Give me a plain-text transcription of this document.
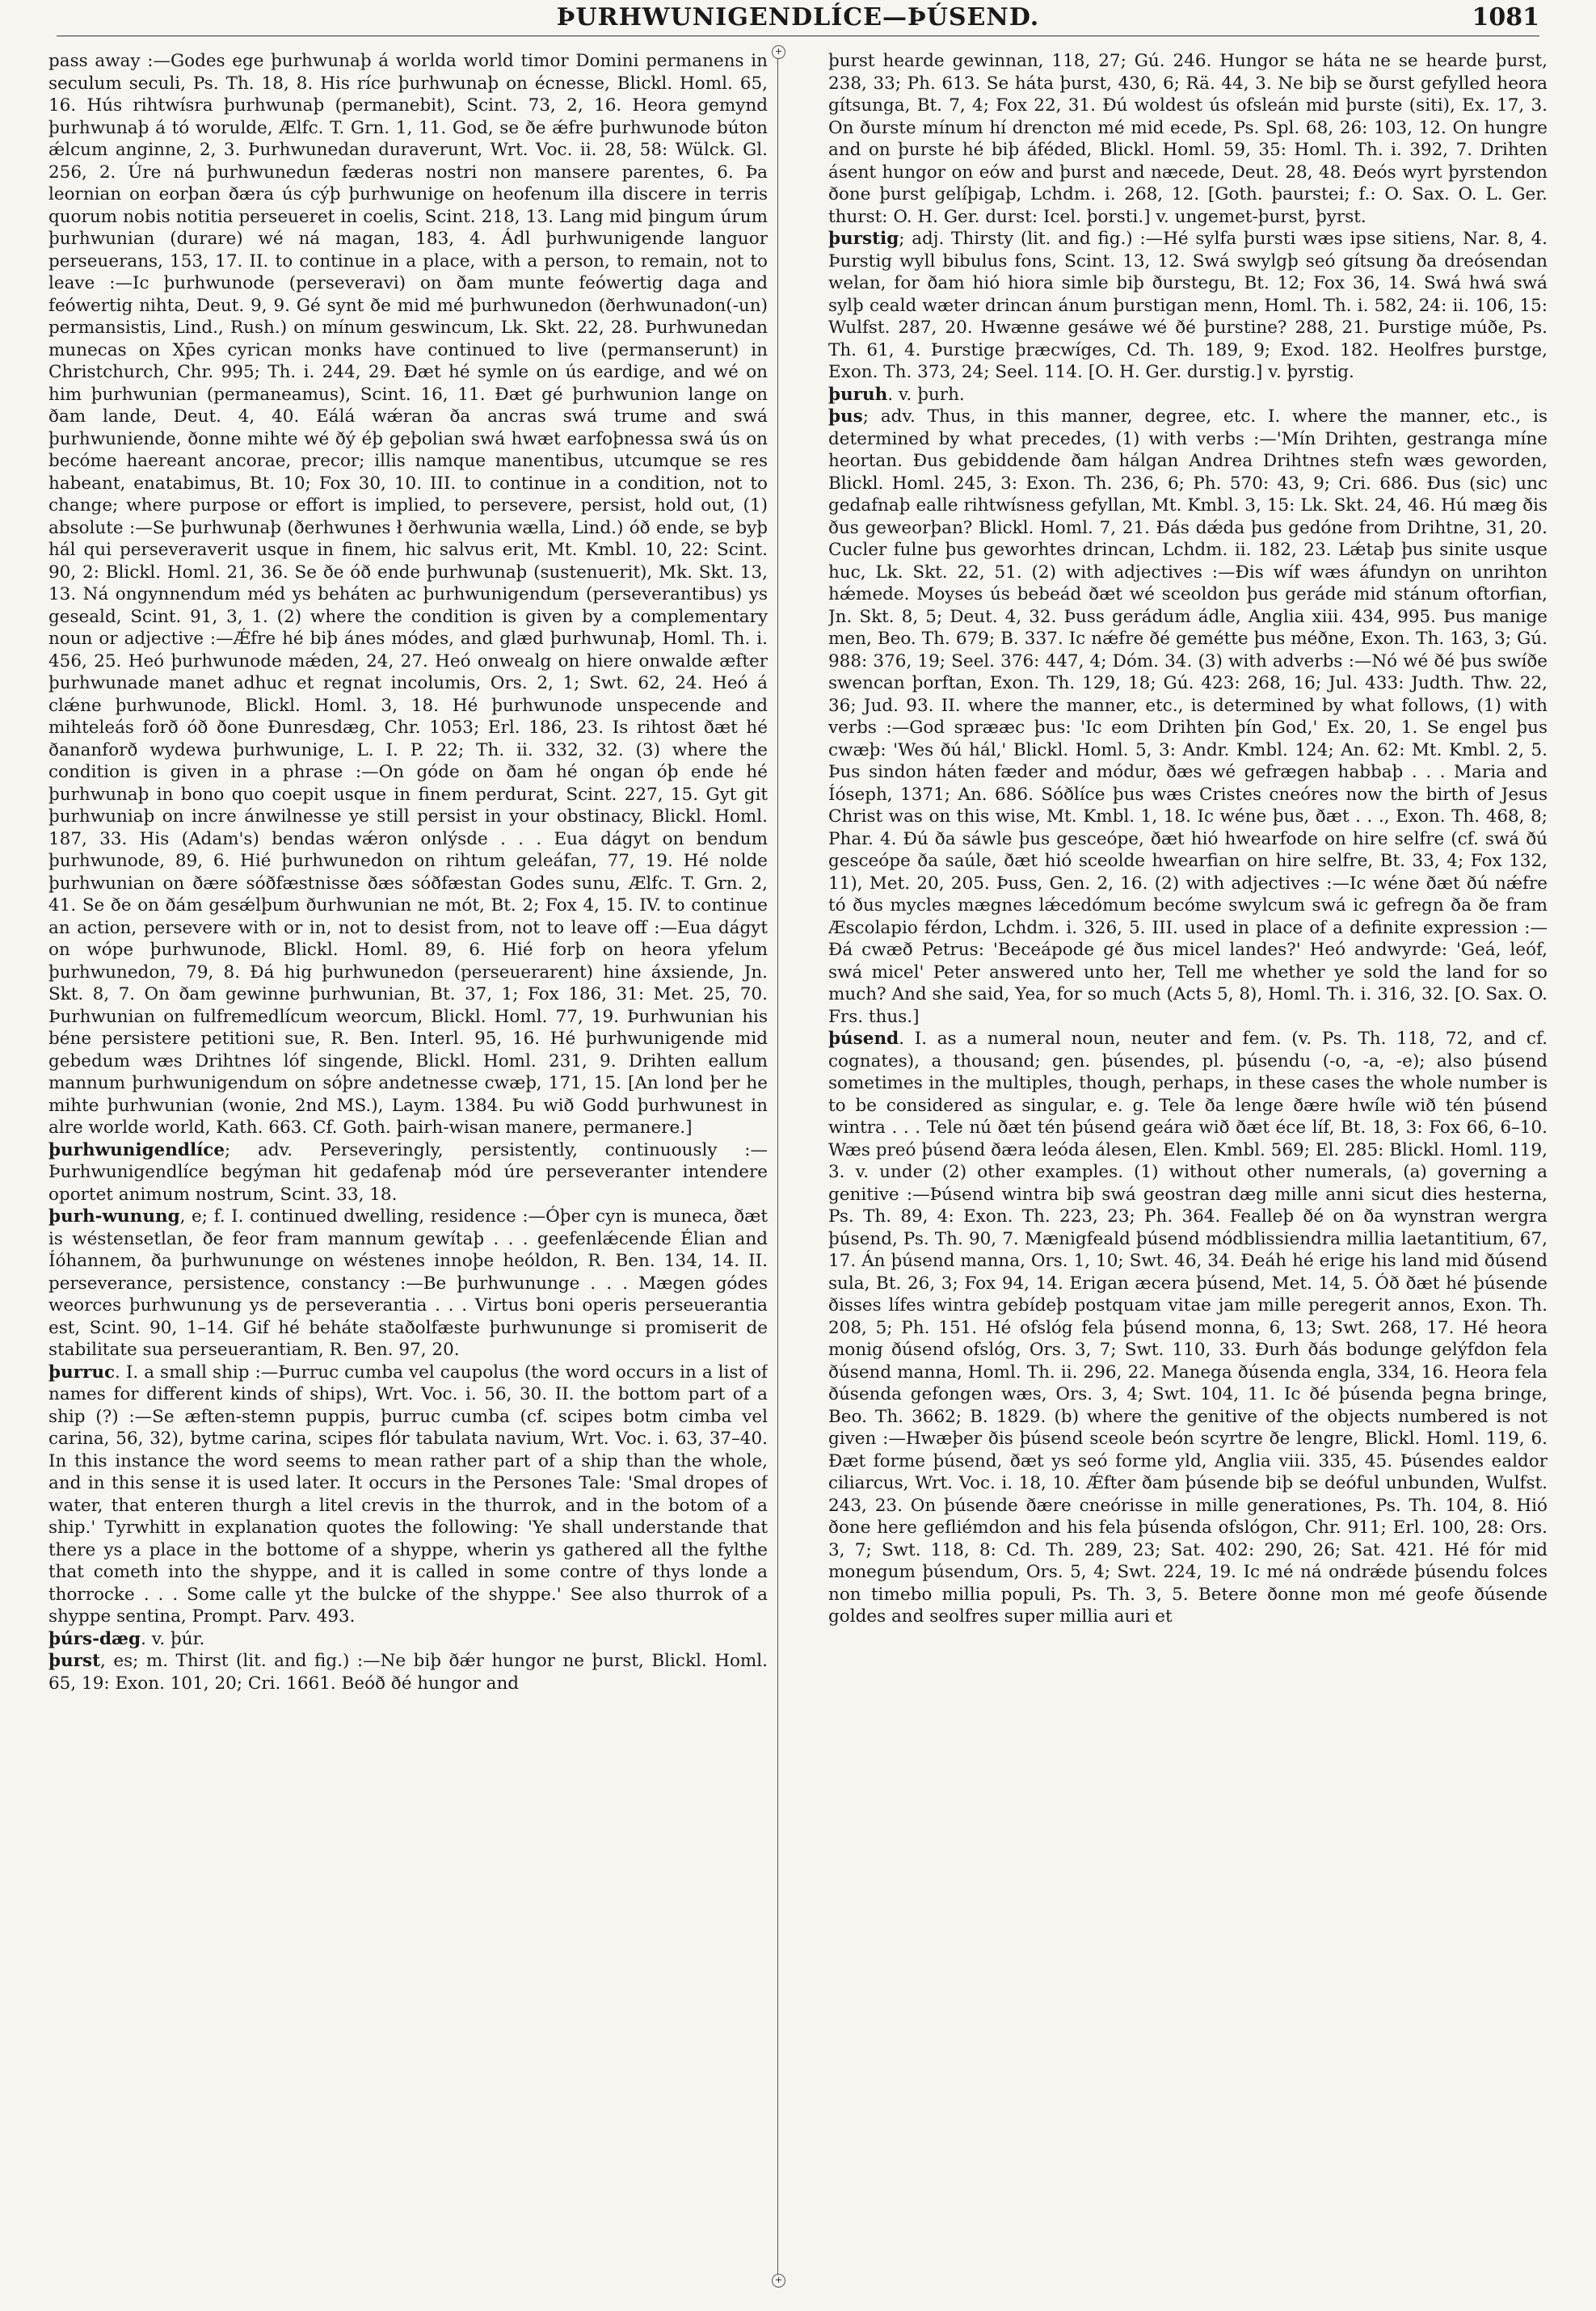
ÞURHWUNIGENDLÍCE—ÞÚSEND.	1081
+
+

pass away :—Godes ege þurhwunaþ á worlda world timor Domini permanens in seculum seculi, Ps. Th. 18, 8. His ríce þurhwunaþ on écnesse, Blickl. Homl. 65, 16. Hús rihtwísra þurhwunaþ (permanebit), Scint. 73, 2, 16. Heora gemynd þurhwunaþ á tó worulde, Ælfc. T. Grn. 1, 11. God, se ðe ǽfre þurhwunode búton ǽlcum anginne, 2, 3. Þurhwunedan duraverunt, Wrt. Voc. ii. 28, 58: Wülck. Gl. 256, 2. Úre ná þurhwunedun fæderas nostri non mansere parentes, 6. Þa leornian on eorþan ðæra ús cýþ þurhwunige on heofenum illa discere in terris quorum nobis notitia perseueret in coelis, Scint. 218, 13. Lang mid þingum úrum þurhwunian (durare) wé ná magan, 183, 4. Ádl þurhwunigende languor perseuerans, 153, 17. II. to continue in a place, with a person, to remain, not to leave :—Ic þurhwunode (perseveravi) on ðam munte feówertig daga and feówertig nihta, Deut. 9, 9. Gé synt ðe mid mé þurhwunedon (ðerhwunadon(-un) permansistis, Lind., Rush.) on mínum geswincum, Lk. Skt. 22, 28. Þurhwunedan munecas on Xp̄es cyrican monks have continued to live (permanserunt) in Christchurch, Chr. 995; Th. i. 244, 29. Ðæt hé symle on ús eardige, and wé on him þurhwunian (permaneamus), Scint. 16, 11. Ðæt gé þurhwunion lange on ðam lande, Deut. 4, 40. Eálá wǽran ða ancras swá trume and swá þurhwuniende, ðonne mihte wé ðý éþ geþolian swá hwæt earfoþnessa swá ús on becóme haereant ancorae, precor; illis namque manentibus, utcumque se res habeant, enatabimus, Bt. 10; Fox 30, 10. III. to continue in a condition, not to change; where purpose or effort is implied, to persevere, persist, hold out, (1) absolute :—Se þurhwunaþ (ðerhwunes ł ðerhwunia wælla, Lind.) óð ende, se byþ hál qui perseveraverit usque in finem, hic salvus erit, Mt. Kmbl. 10, 22: Scint. 90, 2: Blickl. Homl. 21, 36. Se ðe óð ende þurhwunaþ (sustenuerit), Mk. Skt. 13, 13. Ná ongynnendum méd ys beháten ac þurhwunigendum (perseverantibus) ys geseald, Scint. 91, 3, 1. (2) where the condition is given by a complementary noun or adjective :—Ǽfre hé biþ ánes módes, and glæd þurhwunaþ, Homl. Th. i. 456, 25. Heó þurhwunode mǽden, 24, 27. Heó onwealg on hiere onwalde æfter þurhwunade manet adhuc et regnat incolumis, Ors. 2, 1; Swt. 62, 24. Heó á clǽne þurhwunode, Blickl. Homl. 3, 18. Hé þurhwunode unspecende and mihteleás forð óð ðone Ðunresdæg, Chr. 1053; Erl. 186, 23. Is rihtost ðæt hé ðananforð wydewa þurhwunige, L. I. P. 22; Th. ii. 332, 32. (3) where the condition is given in a phrase :—On góde on ðam hé ongan óþ ende hé þurhwunaþ in bono quo coepit usque in finem perdurat, Scint. 227, 15. Gyt git þurhwuniaþ on incre ánwilnesse ye still persist in your obstinacy, Blickl. Homl. 187, 33. His (Adam's) bendas wǽron onlýsde . . . Eua dágyt on bendum þurhwunode, 89, 6. Hié þurhwunedon on rihtum geleáfan, 77, 19. Hé nolde þurhwunian on ðære sóðfæstnisse ðæs sóðfæstan Godes sunu, Ælfc. T. Grn. 2, 41. Se ðe on ðám gesǽlþum ðurhwunian ne mót, Bt. 2; Fox 4, 15. IV. to continue an action, persevere with or in, not to desist from, not to leave off :—Eua dágyt on wópe þurhwunode, Blickl. Homl. 89, 6. Hié forþ on heora yfelum þurhwunedon, 79, 8. Ðá hig þurhwunedon (perseuerarent) hine áxsiende, Jn. Skt. 8, 7. On ðam gewinne þurhwunian, Bt. 37, 1; Fox 186, 31: Met. 25, 70. Þurhwunian on fulfremedlícum weorcum, Blickl. Homl. 77, 19. Þurhwunian his béne persistere petitioni sue, R. Ben. Interl. 95, 16. Hé þurhwunigende mid gebedum wæs Drihtnes lóf singende, Blickl. Homl. 231, 9. Drihten eallum mannum þurhwunigendum on sóþre andetnesse cwæþ, 171, 15. [An lond þer he mihte þurhwunian (wonie, 2nd MS.), Laym. 1384. Þu wið Godd þurhwunest in alre worlde world, Kath. 663. Cf. Goth. þairh-wisan manere, permanere.]

þurhwunigendlíce; adv. Perseveringly, persistently, continuously :—Þurhwunigendlíce begýman hit gedafenaþ mód úre perseveranter intendere oportet animum nostrum, Scint. 33, 18.

þurh-wunung, e; f. I. continued dwelling, residence :—Óþer cyn is muneca, ðæt is wéstensetlan, ðe feor fram mannum gewítaþ . . . geefenlǽcende Élian and Íóhannem, ða þurhwununge on wéstenes innoþe heóldon, R. Ben. 134, 14. II. perseverance, persistence, constancy :—Be þurhwununge . . . Mægen gódes weorces þurhwunung ys de perseverantia . . . Virtus boni operis perseuerantia est, Scint. 90, 1–14. Gif hé beháte staðolfæste þurhwununge si promiserit de stabilitate sua perseuerantiam, R. Ben. 97, 20.

þurruc. I. a small ship :—Þurruc cumba vel caupolus (the word occurs in a list of names for different kinds of ships), Wrt. Voc. i. 56, 30. II. the bottom part of a ship (?) :—Se æften-stemn puppis, þurruc cumba (cf. scipes botm cimba vel carina, 56, 32), bytme carina, scipes flór tabulata navium, Wrt. Voc. i. 63, 37–40. In this instance the word seems to mean rather part of a ship than the whole, and in this sense it is used later. It occurs in the Persones Tale: 'Smal dropes of water, that enteren thurgh a litel crevis in the thurrok, and in the botom of a ship.' Tyrwhitt in explanation quotes the following: 'Ye shall understande that there ys a place in the bottome of a shyppe, wherin ys gathered all the fylthe that cometh into the shyppe, and it is called in some contre of thys londe a thorrocke . . . Some calle yt the bulcke of the shyppe.' See also thurrok of a shyppe sentina, Prompt. Parv. 493.

þúrs-dæg. v. þúr.

þurst, es; m. Thirst (lit. and fig.) :—Ne biþ ðǽr hungor ne þurst, Blickl. Homl. 65, 19: Exon. 101, 20; Cri. 1661. Beóð ðé hungor and

þurst hearde gewinnan, 118, 27; Gú. 246. Hungor se háta ne se hearde þurst, 238, 33; Ph. 613. Se háta þurst, 430, 6; Rä. 44, 3. Ne biþ se ðurst gefylled heora gítsunga, Bt. 7, 4; Fox 22, 31. Ðú woldest ús ofsleán mid þurste (siti), Ex. 17, 3. On ðurste mínum hí drencton mé mid ecede, Ps. Spl. 68, 26: 103, 12. On hungre and on þurste hé biþ áféded, Blickl. Homl. 59, 35: Homl. Th. i. 392, 7. Drihten ásent hungor on eów and þurst and næcede, Deut. 28, 48. Ðeós wyrt þyrstendon ðone þurst gelíþigaþ, Lchdm. i. 268, 12. [Goth. þaurstei; f.: O. Sax. O. L. Ger. thurst: O. H. Ger. durst: Icel. þorsti.] v. ungemet-þurst, þyrst.

þurstig; adj. Thirsty (lit. and fig.) :—Hé sylfa þursti wæs ipse sitiens, Nar. 8, 4. Þurstig wyll bibulus fons, Scint. 13, 12. Swá swylgþ seó gítsung ða dreósendan welan, for ðam hió hiora simle biþ ðurstegu, Bt. 12; Fox 36, 14. Swá hwá swá sylþ ceald wæter drincan ánum þurstigan menn, Homl. Th. i. 582, 24: ii. 106, 15: Wulfst. 287, 20. Hwænne gesáwe wé ðé þurstine? 288, 21. Þurstige múðe, Ps. Th. 61, 4. Þurstige þræcwíges, Cd. Th. 189, 9; Exod. 182. Heolfres þurstge, Exon. Th. 373, 24; Seel. 114. [O. H. Ger. durstig.] v. þyrstig.

þuruh. v. þurh.

þus; adv. Thus, in this manner, degree, etc. I. where the manner, etc., is determined by what precedes, (1) with verbs :—'Mín Drihten, gestranga míne heortan. Ðus gebiddende ðam hálgan Andrea Drihtnes stefn wæs geworden, Blickl. Homl. 245, 3: Exon. Th. 236, 6; Ph. 570: 43, 9; Cri. 686. Ðus (sic) unc gedafnaþ ealle rihtwísness gefyllan, Mt. Kmbl. 3, 15: Lk. Skt. 24, 46. Hú mæg ðis ðus geweorþan? Blickl. Homl. 7, 21. Ðás dǽda þus gedóne from Drihtne, 31, 20. Cucler fulne þus geworhtes drincan, Lchdm. ii. 182, 23. Lǽtaþ þus sinite usque huc, Lk. Skt. 22, 51. (2) with adjectives :—Ðis wíf wæs áfundyn on unrihton hǽmede. Moyses ús bebeád ðæt wé sceoldon þus geráde mid stánum oftorfian, Jn. Skt. 8, 5; Deut. 4, 32. Þuss gerádum ádle, Anglia xiii. 434, 995. Þus manige men, Beo. Th. 679; B. 337. Ic nǽfre ðé gemétte þus méðne, Exon. Th. 163, 3; Gú. 988: 376, 19; Seel. 376: 447, 4; Dóm. 34. (3) with adverbs :—Nó wé ðé þus swíðe swencan þorftan, Exon. Th. 129, 18; Gú. 423: 268, 16; Jul. 433: Judth. Thw. 22, 36; Jud. 93. II. where the manner, etc., is determined by what follows, (1) with verbs :—God sprææc þus: 'Ic eom Drihten þín God,' Ex. 20, 1. Se engel þus cwæþ: 'Wes ðú hál,' Blickl. Homl. 5, 3: Andr. Kmbl. 124; An. 62: Mt. Kmbl. 2, 5. Þus sindon háten fæder and módur, ðæs wé gefrægen habbaþ . . . Maria and Íóseph, 1371; An. 686. Sóðlíce þus wæs Cristes cneóres now the birth of Jesus Christ was on this wise, Mt. Kmbl. 1, 18. Ic wéne þus, ðæt . . ., Exon. Th. 468, 8; Phar. 4. Ðú ða sáwle þus gesceópe, ðæt hió hwearfode on hire selfre (cf. swá ðú gesceópe ða saúle, ðæt hió sceolde hwearfian on hire selfre, Bt. 33, 4; Fox 132, 11), Met. 20, 205. Þuss, Gen. 2, 16. (2) with adjectives :—Ic wéne ðæt ðú nǽfre tó ðus mycles mægnes lǽcedómum becóme swylcum swá ic gefregn ða ðe fram Æscolapio férdon, Lchdm. i. 326, 5. III. used in place of a definite expression :—Ðá cwæð Petrus: 'Beceápode gé ðus micel landes?' Heó andwyrde: 'Geá, leóf, swá micel' Peter answered unto her, Tell me whether ye sold the land for so much? And she said, Yea, for so much (Acts 5, 8), Homl. Th. i. 316, 32. [O. Sax. O. Frs. thus.]

þúsend. I. as a numeral noun, neuter and fem. (v. Ps. Th. 118, 72, and cf. cognates), a thousand; gen. þúsendes, pl. þúsendu (-o, -a, -e); also þúsend sometimes in the multiples, though, perhaps, in these cases the whole number is to be considered as singular, e. g. Tele ða lenge ðære hwíle wið tén þúsend wintra . . . Tele nú ðæt tén þúsend geára wið ðæt éce líf, Bt. 18, 3: Fox 66, 6–10. Wæs preó þúsend ðæra leóda álesen, Elen. Kmbl. 569; El. 285: Blickl. Homl. 119, 3. v. under (2) other examples. (1) without other numerals, (a) governing a genitive :—Þúsend wintra biþ swá geostran dæg mille anni sicut dies hesterna, Ps. Th. 89, 4: Exon. Th. 223, 23; Ph. 364. Fealleþ ðé on ða wynstran wergra þúsend, Ps. Th. 90, 7. Mænigfeald þúsend módblissiendra millia laetantitium, 67, 17. Án þúsend manna, Ors. 1, 10; Swt. 46, 34. Ðeáh hé erige his land mid ðúsend sula, Bt. 26, 3; Fox 94, 14. Erigan æcera þúsend, Met. 14, 5. Óð ðæt hé þúsende ðisses lífes wintra gebídeþ postquam vitae jam mille peregerit annos, Exon. Th. 208, 5; Ph. 151. Hé ofslóg fela þúsend monna, 6, 13; Swt. 268, 17. Hé heora monig ðúsend ofslóg, Ors. 3, 7; Swt. 110, 33. Ðurh ðás bodunge gelýfdon fela ðúsend manna, Homl. Th. ii. 296, 22. Manega ðúsenda engla, 334, 16. Heora fela ðúsenda gefongen wæs, Ors. 3, 4; Swt. 104, 11. Ic ðé þúsenda þegna bringe, Beo. Th. 3662; B. 1829. (b) where the genitive of the objects numbered is not given :—Hwæþer ðis þúsend sceole beón scyrtre ðe lengre, Blickl. Homl. 119, 6. Ðæt forme þúsend, ðæt ys seó forme yld, Anglia viii. 335, 45. Þúsendes ealdor ciliarcus, Wrt. Voc. i. 18, 10. Ǽfter ðam þúsende biþ se deóful unbunden, Wulfst. 243, 23. On þúsende ðære cneórisse in mille generationes, Ps. Th. 104, 8. Hió ðone here gefliémdon and his fela þúsenda ofslógon, Chr. 911; Erl. 100, 28: Ors. 3, 7; Swt. 118, 8: Cd. Th. 289, 23; Sat. 402: 290, 26; Sat. 421. Hé fór mid monegum þúsendum, Ors. 5, 4; Swt. 224, 19. Ic mé ná ondrǽde þúsendu folces non timebo millia populi, Ps. Th. 3, 5. Betere ðonne mon mé geofe ðúsende goldes and seolfres super millia auri et
